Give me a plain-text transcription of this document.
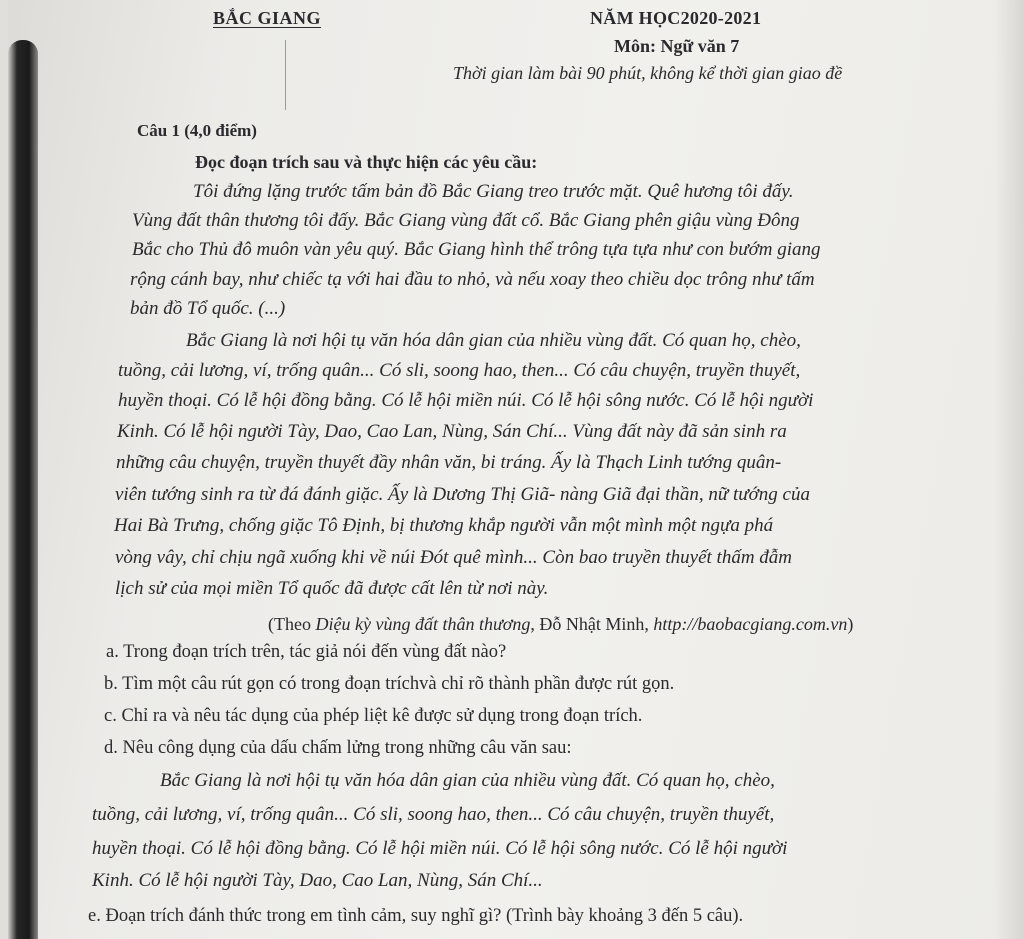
BẮC GIANG	NĂM HỌC2020-2021
Môn: Ngữ văn 7
Thời gian làm bài 90 phút, không kể thời gian giao đề
Câu 1 (4,0 điểm)
Đọc đoạn trích sau và thực hiện các yêu cầu:
Tôi đứng lặng trước tấm bản đồ Bắc Giang treo trước mặt. Quê hương tôi đấy.
Vùng đất thân thương tôi đấy. Bắc Giang vùng đất cổ. Bắc Giang phên giậu vùng Đông
Bắc cho Thủ đô muôn vàn yêu quý. Bắc Giang hình thể trông tựa tựa như con bướm giang
rộng cánh bay, như chiếc tạ với hai đầu to nhỏ, và nếu xoay theo chiều dọc trông như tấm
bản đồ Tổ quốc. (...)
Bắc Giang là nơi hội tụ văn hóa dân gian của nhiều vùng đất. Có quan họ, chèo,
tuồng, cải lương, ví, trống quân... Có sli, soong hao, then... Có câu chuyện, truyền thuyết,
huyền thoại. Có lễ hội đồng bằng. Có lễ hội miền núi. Có lễ hội sông nước. Có lễ hội người
Kinh. Có lễ hội người Tày, Dao, Cao Lan, Nùng, Sán Chí... Vùng đất này đã sản sinh ra
những câu chuyện, truyền thuyết đầy nhân văn, bi tráng. Ấy là Thạch Linh tướng quân-
viên tướng sinh ra từ đá đánh giặc. Ấy là Dương Thị Giã- nàng Giã đại thần, nữ tướng của
Hai Bà Trưng, chống giặc Tô Định, bị thương khắp người vẫn một mình một ngựa phá
vòng vây, chỉ chịu ngã xuống khi về núi Đót quê mình... Còn bao truyền thuyết thấm đẫm
lịch sử của mọi miền Tổ quốc đã được cất lên từ nơi này.
(Theo Diệu kỳ vùng đất thân thương, Đỗ Nhật Minh, http://baobacgiang.com.vn)
a. Trong đoạn trích trên, tác giả nói đến vùng đất nào?
b. Tìm một câu rút gọn có trong đoạn tríchvà chỉ rõ thành phần được rút gọn.
c. Chỉ ra và nêu tác dụng của phép liệt kê được sử dụng trong đoạn trích.
d. Nêu công dụng của dấu chấm lửng trong những câu văn sau:
Bắc Giang là nơi hội tụ văn hóa dân gian của nhiều vùng đất. Có quan họ, chèo,
tuồng, cải lương, ví, trống quân... Có sli, soong hao, then... Có câu chuyện, truyền thuyết,
huyền thoại. Có lễ hội đồng bằng. Có lễ hội miền núi. Có lễ hội sông nước. Có lễ hội người
Kinh. Có lễ hội người Tày, Dao, Cao Lan, Nùng, Sán Chí...
e. Đoạn trích đánh thức trong em tình cảm, suy nghĩ gì? (Trình bày khoảng 3 đến 5 câu).
